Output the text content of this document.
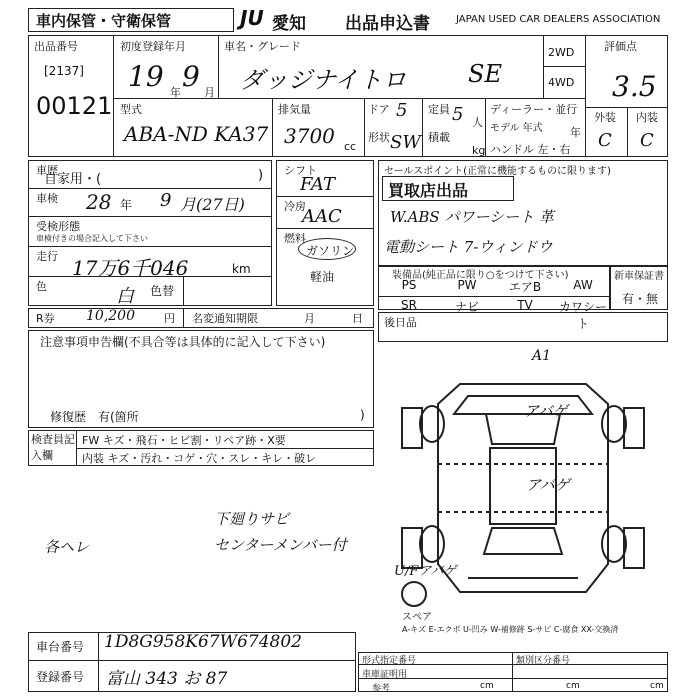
車内保管・守衛保管	JU 愛知 出品申込書	JAPAN USED CAR DEALERS ASSOCIATION
出品番号
[2137]
00121
初度登録年月
19 年 9 月
車名・グレード
ダッジナイトロ	SE
2WD
4WD
評価点
3.5
型式
ABA-ND KA37
排気量
3700 cc
ドア 5
形状 SW
定員 5 人
積載
kg
ディーラー・並行
モデル 年式 年
ハンドル 左・右
外装 内装
C C
車歴
自家用・(	)
車検 28 年 9 月(27日)
受検形態
車検付きの場合記入して下さい
走行 17万6千046	km
色	白 色替
シフト
FAT
冷房
AAC
燃料
ガソリン
軽油
セールスポイント(正常に機能するものに限ります)
買取店出品
W.ABS パワーシート 革
電動シート 7-ウィンドウ
装備品(純正品に限り○をつけて下さい)
PS	PW	エアB	AW
SR	ナビ	TV	カワシート
新車保証書
有・無
R券 10,200	円 名変通知期限	月	日
注意事項申告欄(不具合等は具体的に記入して下さい)
修復歴　有(箇所	)
後日品
検査員記入欄
FW キズ・飛石・ヒビ割・リペア跡・X要
内装 キズ・汚れ・コゲ・穴・スレ・キレ・破レ
下廻りサビ
各ヘレ	センターメンバー付
A1
アバゲ
アバゲ
U/Fアバゲ
スペア
A-キズ E-エクボ U-凹み W-補修跡 S-サビ C-腐食 XX-交換済
車台番号 1D8G958K67W674802
登録番号 富山 343 お 87
形式指定番号	類別区分番号
車庫証明用
参考	cm	cm	cm
